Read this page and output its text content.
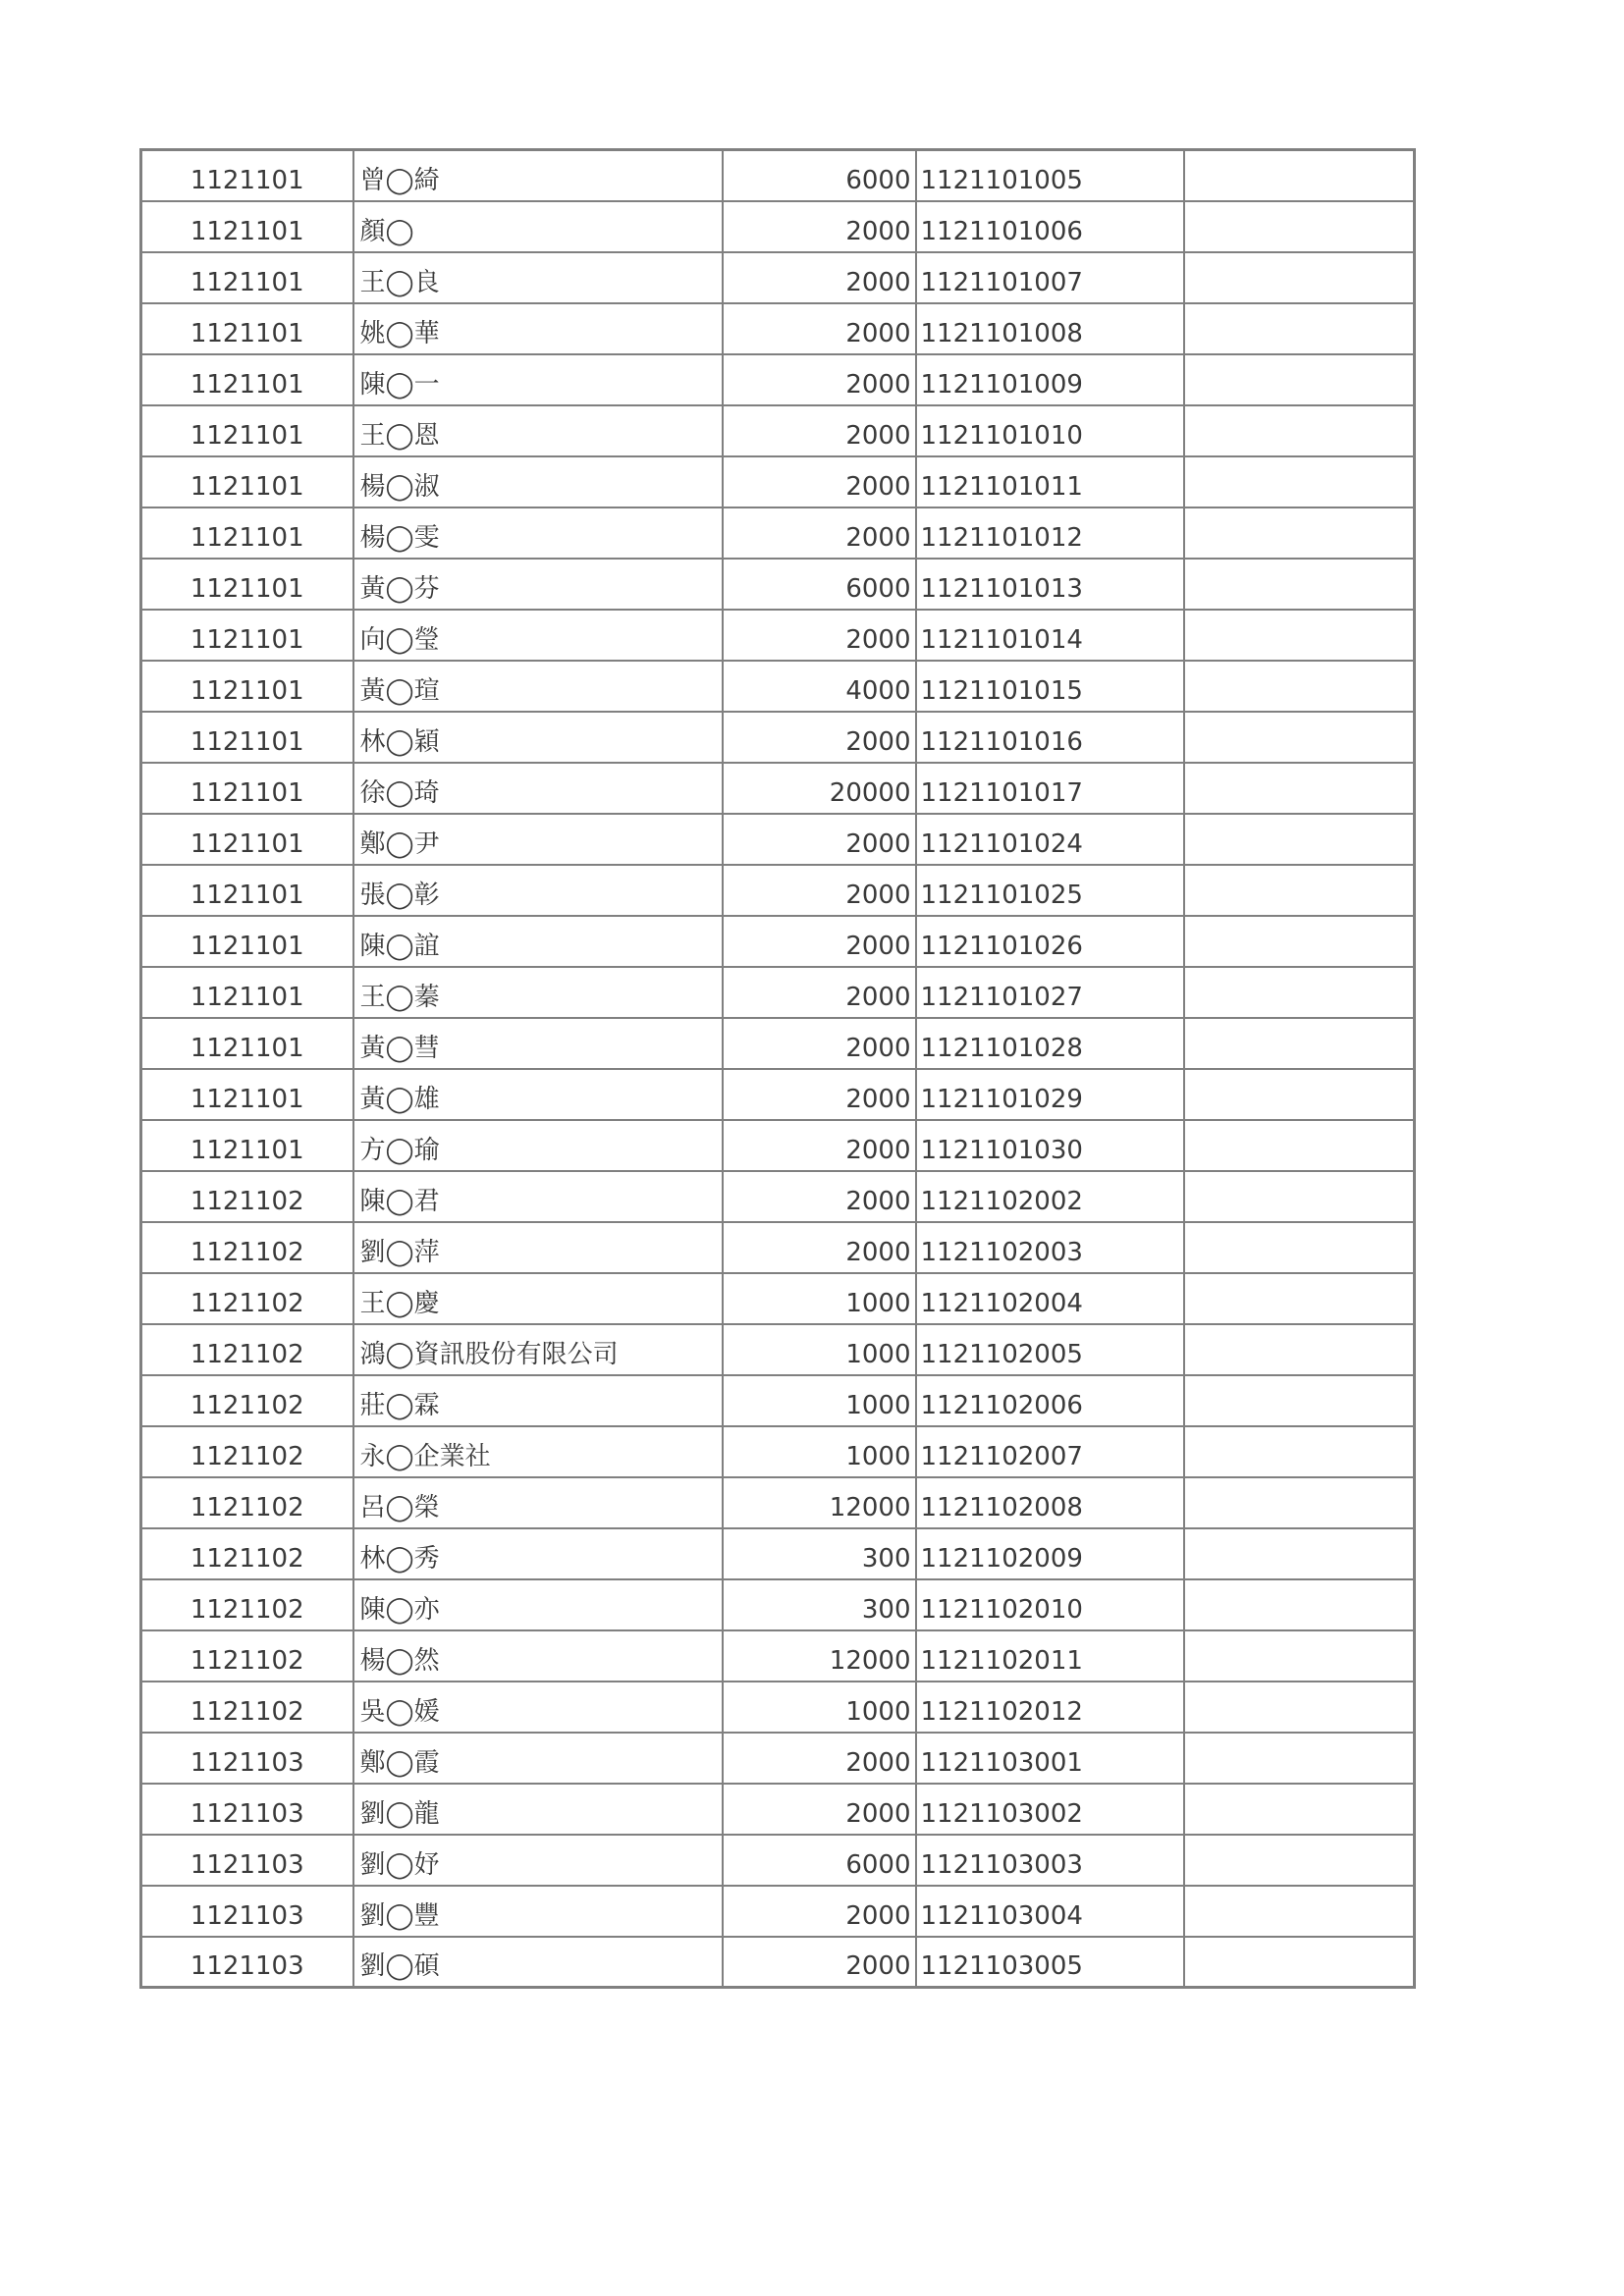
1121101	曾◯綺	6000	1121101005	
1121101	顏◯	2000	1121101006	
1121101	王◯良	2000	1121101007	
1121101	姚◯華	2000	1121101008	
1121101	陳◯一	2000	1121101009	
1121101	王◯恩	2000	1121101010	
1121101	楊◯淑	2000	1121101011	
1121101	楊◯雯	2000	1121101012	
1121101	黃◯芬	6000	1121101013	
1121101	向◯瑩	2000	1121101014	
1121101	黃◯瑄	4000	1121101015	
1121101	林◯穎	2000	1121101016	
1121101	徐◯琦	20000	1121101017	
1121101	鄭◯尹	2000	1121101024	
1121101	張◯彰	2000	1121101025	
1121101	陳◯誼	2000	1121101026	
1121101	王◯蓁	2000	1121101027	
1121101	黃◯彗	2000	1121101028	
1121101	黃◯雄	2000	1121101029	
1121101	方◯瑜	2000	1121101030	
1121102	陳◯君	2000	1121102002	
1121102	劉◯萍	2000	1121102003	
1121102	王◯慶	1000	1121102004	
1121102	鴻◯資訊股份有限公司	1000	1121102005	
1121102	莊◯霖	1000	1121102006	
1121102	永◯企業社	1000	1121102007	
1121102	呂◯榮	12000	1121102008	
1121102	林◯秀	300	1121102009	
1121102	陳◯亦	300	1121102010	
1121102	楊◯然	12000	1121102011	
1121102	吳◯媛	1000	1121102012	
1121103	鄭◯霞	2000	1121103001	
1121103	劉◯龍	2000	1121103002	
1121103	劉◯妤	6000	1121103003	
1121103	劉◯豐	2000	1121103004	
1121103	劉◯碩	2000	1121103005	
